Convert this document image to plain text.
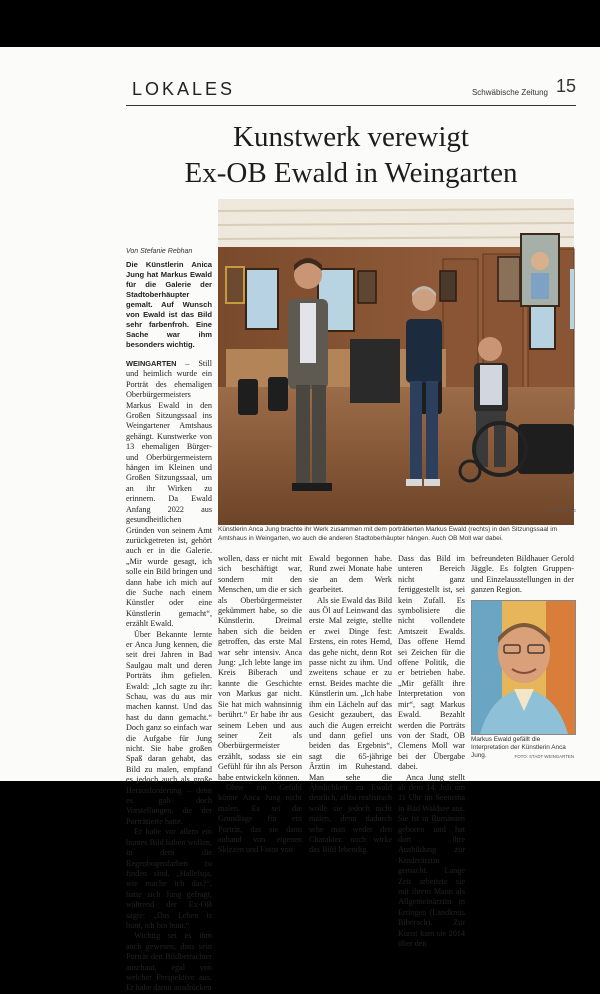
LOKALES	Schwäbische Zeitung 15
Kunstwerk verewigt
Ex-OB Ewald in Weingarten
Von Stefanie Rebhan

Die Künstlerin Anica Jung hat Markus Ewald für die Galerie der Stadtoberhäupter gemalt. Auf Wunsch von Ewald ist das Bild sehr farbenfroh. Eine Sache war ihm besonders wichtig.

WEINGARTEN – Still und heimlich wurde ein Porträt des ehemaligen Oberbürgermeisters Markus Ewald in den Großen Sitzungssaal ins Weingartener Amtshaus gehängt. Kunstwerke von 13 ehemaligen Bürger- und Oberbürgermeistern hängen im Kleinen und Großen Sitzungssaal, um an ihr Wirken zu erinnern. Da Ewald Anfang 2022 aus gesundheitlichen Gründen von seinem Amt zurückgetreten ist, gehört auch er in die Galerie. „Mir wurde gesagt, ich solle ein Bild bringen und dann habe ich mich auf die Suche nach einem Künstler oder eine Künstlerin gemacht“, erzählt Ewald.

Über Bekannte lernte er Anca Jung kennen, die seit drei Jahren in Bad Saulgau malt und deren Porträts ihm gefielen. Ewald: „Ich sagte zu ihr: Schau, was du aus mir machen kannst. Und das hast du dann gemacht.“ Doch ganz so einfach war die Aufgabe für Jung nicht. Sie habe großen Spaß daran gehabt, das Bild zu malen, empfand es jedoch auch als große Herausforderung – denn es gab doch Vorstellungen, die der Porträtierte hatte.

Er habe vor allem ein buntes Bild haben wollen, in dem die Regenbogenfarben zu finden sind. „Halleluja, wie mache ich das?“, hatte sich Jung gefragt, während der Ex-OB sagte: „Das Leben is bunt, ich bin bunt.“

Wichtig sei es ihm auch gewesen, dass sein Porträt den Bildbetrachter anschaut, egal von welcher Perspektive aus. Er habe damit ausdrücken

wollen, dass er nicht mit sich beschäftigt war, sondern mit den Menschen, um die er sich als Oberbürgermeister gekümmert habe, so die Künstlerin. Dreimal haben sich die beiden getroffen, das erste Mal war sehr intensiv. Anca Jung: „Ich lebte lange im Kreis Biberach und kannte die Geschichte von Markus gar nicht. Sie hat mich wahnsinnig berührt.“ Er habe ihr aus seinem Leben und aus seiner Zeit als Oberbürgermeister erzählt, sodass sie ein Gefühl für ihn als Person habe entwickeln können.

Ohne ein Gefühl könne Anca Jung nicht malen. Es sei die Grundlage für ein Porträt, das sie dann anhand von eigenen Skizzen und Fotos von

Ewald begonnen habe. Rund zwei Monate habe sie an dem Werk gearbeitet.

Als sie Ewald das Bild aus Öl auf Leinwand das erste Mal zeigte, stellte er zwei Dinge fest: Erstens, ein rotes Hemd, das gehe nicht, denn Rot passe nicht zu ihm. Und zweitens schaue er zu ernst. Beides machte die Künstlerin um. „Ich habe ihm ein Lächeln auf das Gesicht gezaubert, das auch die Augen erreicht und dann gefiel uns beiden das Ergebnis“, sagt die 65-jährige Ärztin im Ruhestand. Man sehe die Ähnlichkeit zu Ewald deutlich, allzu realistisch wolle sie jedoch nicht malen, denn dadurch sehe man weder den Charakter, noch wirke das Bild lebendig.

Dass das Bild im unteren Bereich nicht ganz fertiggestellt ist, sei kein Zufall. Es symbolisiere die nicht vollendete Amtszeit Ewalds. Das offene Hemd sei Zeichen für die offene Politik, die er betrieben habe. „Mir gefällt ihre Interpretation von mir“, sagt Markus Ewald. Bezahlt werden die Porträts von der Stadt, OB Clemens Moll war bei der Übergabe dabei.

Anca Jung stellt ab dem 14. Juli um 11 Uhr im Seenema in Bad Waldsee aus. Sie ist in Rumänien geboren und hat dort ihre Ausbildung zur Kinderärztin gemacht. Lange Zeit arbeitete sie mit ihrem Mann als Allgemeinärztin in Ertingen (Landkreis Biberach). Zur Kunst kam sie 2014 über den

befreundeten Bildhauer Gerold Jäggle. Es folgten Gruppen- und Einzelausstellungen in der ganzen Region.

FOTO: JUNG
Künstlerin Anca Jung brachte ihr Werk zusammen mit dem porträtierten Markus Ewald (rechts) in den Sitzungssaal im Amtshaus in Weingarten, wo auch die anderen Stadtoberhäupter hängen. Auch OB Moll war dabei.
Markus Ewald gefällt die Interpretation der Künstlerin Anca Jung.	FOTO: STADT WEINGARTEN
